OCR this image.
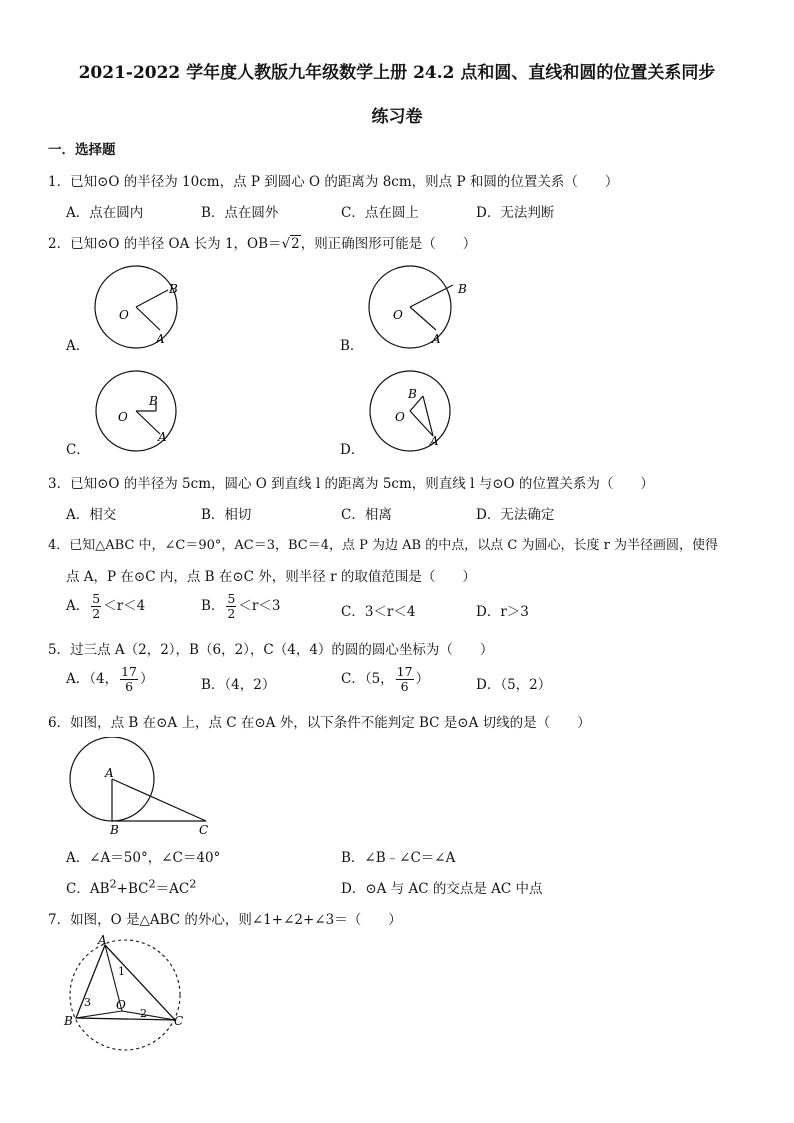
2021-2022 学年度人教版九年级数学上册 24.2 点和圆、直线和圆的位置关系同步
练习卷
一．选择题
1．已知⊙O 的半径为 10cm，点 P 到圆心 O 的距离为 8cm，则点 P 和圆的位置关系（　　）
A．点在圆内	B．点在圆外	C．点在圆上	D．无法判断
2．已知⊙O 的半径 OA 长为 1，OB＝√2，则正确图形可能是（　　）
O
B
A
A．
O
B
A
B．
O
B
A
C．
O
B
A
D．
3．已知⊙O 的半径为 5cm，圆心 O 到直线 l 的距离为 5cm，则直线 l 与⊙O 的位置关系为（　　）
A．相交	B．相切	C．相离	D．无法确定
4．已知△ABC 中，∠C＝90°，AC＝3，BC＝4，点 P 为边 AB 的中点，以点 C 为圆心，长度 r 为半径画圆，使得
点 A，P 在⊙C 内，点 B 在⊙C 外，则半径 r 的取值范围是（　　）
A． $\frac{5}{2} <r<4$	B． $\frac{5}{2} <r<3$	C．3＜r＜4	D．r＞3
5．过三点 A（2，2），B（6，2），C（4，4）的圆的圆心坐标为（　　）
A．（4， $\frac{17}{6}$ ）	B．（4，2）	C．（5， $\frac{17}{6}$ ）	D．（5，2）
6．如图，点 B 在⊙A 上，点 C 在⊙A 外，以下条件不能判定 BC 是⊙A 切线的是（　　）
A
B	C
A．∠A＝50°，∠C＝40°	B．∠B﹣∠C＝∠A
C．$AB^2+BC^2=AC^2$	D．⊙A 与 AC 的交点是 AC 中点
7．如图，O 是△ABC 的外心，则∠1+∠2+∠3＝（　　）
A
B	C
O
1
2
3
